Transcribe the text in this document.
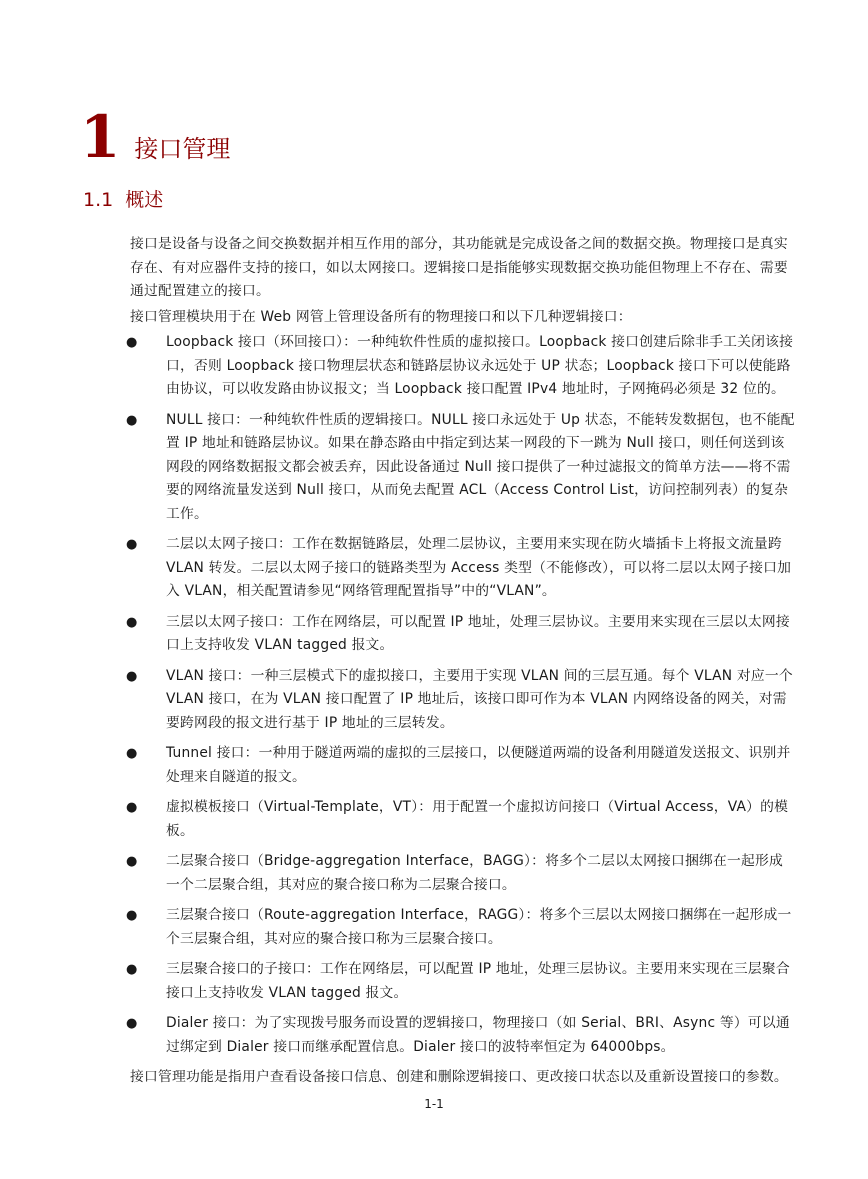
1 接口管理
1.1 概述

接口是设备与设备之间交换数据并相互作用的部分，其功能就是完成设备之间的数据交换。物理接口是真实存在、有对应器件支持的接口，如以太网接口。逻辑接口是指能够实现数据交换功能但物理上不存在、需要通过配置建立的接口。

接口管理模块用于在 Web 网管上管理设备所有的物理接口和以下几种逻辑接口：

● Loopback 接口（环回接口）：一种纯软件性质的虚拟接口。Loopback 接口创建后除非手工关闭该接口，否则 Loopback 接口物理层状态和链路层协议永远处于 UP 状态；Loopback 接口下可以使能路由协议，可以收发路由协议报文；当 Loopback 接口配置 IPv4 地址时，子网掩码必须是 32 位的。
● NULL 接口：一种纯软件性质的逻辑接口。NULL 接口永远处于 Up 状态，不能转发数据包，也不能配置 IP 地址和链路层协议。如果在静态路由中指定到达某一网段的下一跳为 Null 接口，则任何送到该网段的网络数据报文都会被丢弃，因此设备通过 Null 接口提供了一种过滤报文的简单方法——将不需要的网络流量发送到 Null 接口，从而免去配置 ACL（Access Control List，访问控制列表）的复杂工作。
● 二层以太网子接口：工作在数据链路层，处理二层协议，主要用来实现在防火墙插卡上将报文流量跨 VLAN 转发。二层以太网子接口的链路类型为 Access 类型（不能修改），可以将二层以太网子接口加入 VLAN，相关配置请参见“网络管理配置指导”中的“VLAN”。
● 三层以太网子接口：工作在网络层，可以配置 IP 地址，处理三层协议。主要用来实现在三层以太网接口上支持收发 VLAN tagged 报文。
● VLAN 接口：一种三层模式下的虚拟接口，主要用于实现 VLAN 间的三层互通。每个 VLAN 对应一个 VLAN 接口，在为 VLAN 接口配置了 IP 地址后，该接口即可作为本 VLAN 内网络设备的网关，对需要跨网段的报文进行基于 IP 地址的三层转发。
● Tunnel 接口：一种用于隧道两端的虚拟的三层接口，以便隧道两端的设备利用隧道发送报文、识别并处理来自隧道的报文。
● 虚拟模板接口（Virtual-Template，VT）：用于配置一个虚拟访问接口（Virtual Access，VA）的模板。
● 二层聚合接口（Bridge-aggregation Interface，BAGG）：将多个二层以太网接口捆绑在一起形成一个二层聚合组，其对应的聚合接口称为二层聚合接口。
● 三层聚合接口（Route-aggregation Interface，RAGG）：将多个三层以太网接口捆绑在一起形成一个三层聚合组，其对应的聚合接口称为三层聚合接口。
● 三层聚合接口的子接口：工作在网络层，可以配置 IP 地址，处理三层协议。主要用来实现在三层聚合接口上支持收发 VLAN tagged 报文。
● Dialer 接口：为了实现拨号服务而设置的逻辑接口，物理接口（如 Serial、BRI、Async 等）可以通过绑定到 Dialer 接口而继承配置信息。Dialer 接口的波特率恒定为 64000bps。

接口管理功能是指用户查看设备接口信息、创建和删除逻辑接口、更改接口状态以及重新设置接口的参数。

1-1
